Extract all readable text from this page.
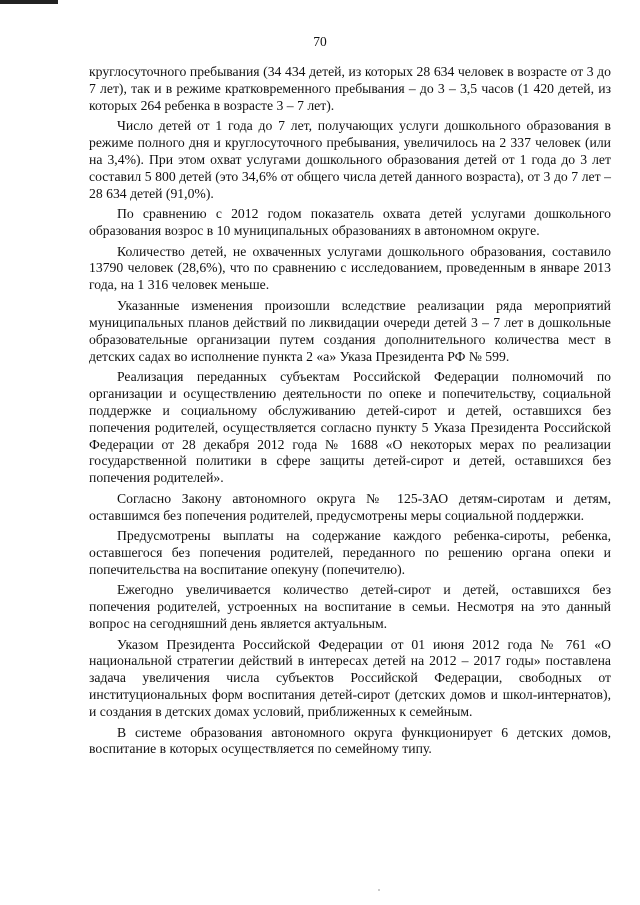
70

круглосуточного пребывания (34 434 детей, из которых 28 634 человек в возрасте от 3 до 7 лет), так и в режиме кратковременного пребывания – до 3 – 3,5 часов (1 420 детей, из которых 264 ребенка в возрасте 3 – 7 лет).

Число детей от 1 года до 7 лет, получающих услуги дошкольного образования в режиме полного дня и круглосуточного пребывания, увеличилось на 2 337 человек (или на 3,4%). При этом охват услугами дошкольного образования детей от 1 года до 3 лет составил 5 800 детей (это 34,6% от общего числа детей данного возраста), от 3 до 7 лет – 28 634 детей (91,0%).

По сравнению с 2012 годом показатель охвата детей услугами дошкольного образования возрос в 10 муниципальных образованиях в автономном округе.

Количество детей, не охваченных услугами дошкольного образования, составило 13790 человек (28,6%), что по сравнению с исследованием, проведенным в январе 2013 года, на 1 316 человек меньше.

Указанные изменения произошли вследствие реализации ряда мероприятий муниципальных планов действий по ликвидации очереди детей 3 – 7 лет в дошкольные образовательные организации путем создания дополнительного количества мест в детских садах во исполнение пункта 2 «а» Указа Президента РФ № 599.

Реализация переданных субъектам Российской Федерации полномочий по организации и осуществлению деятельности по опеке и попечительству, социальной поддержке и социальному обслуживанию детей-сирот и детей, оставшихся без попечения родителей, осуществляется согласно пункту 5 Указа Президента Российской Федерации от 28 декабря 2012 года № 1688 «О некоторых мерах по реализации государственной политики в сфере защиты детей-сирот и детей, оставшихся без попечения родителей».

Согласно Закону автономного округа № 125-ЗАО детям-сиротам и детям, оставшимся без попечения родителей, предусмотрены меры социальной поддержки.

Предусмотрены выплаты на содержание каждого ребенка-сироты, ребенка, оставшегося без попечения родителей, переданного по решению органа опеки и попечительства на воспитание опекуну (попечителю).

Ежегодно увеличивается количество детей-сирот и детей, оставшихся без попечения родителей, устроенных на воспитание в семьи. Несмотря на это данный вопрос на сегодняшний день является актуальным.

Указом Президента Российской Федерации от 01 июня 2012 года № 761 «О национальной стратегии действий в интересах детей на 2012 – 2017 годы» поставлена задача увеличения числа субъектов Российской Федерации, свободных от институциональных форм воспитания детей-сирот (детских домов и школ-интернатов), и создания в детских домах условий, приближенных к семейным.

В системе образования автономного округа функционирует 6 детских домов, воспитание в которых осуществляется по семейному типу.
